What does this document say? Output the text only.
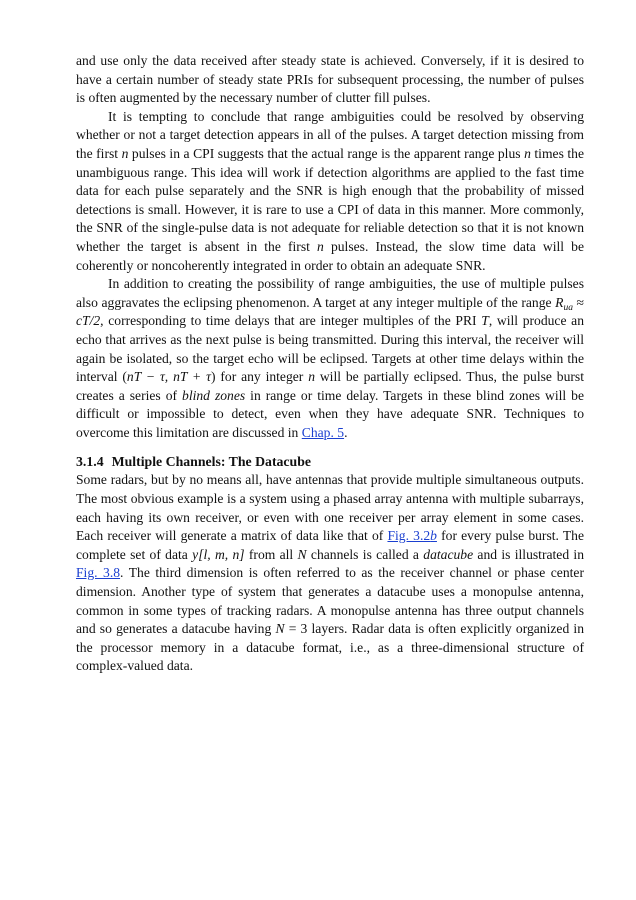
and use only the data received after steady state is achieved. Conversely, if it is desired to have a certain number of steady state PRIs for subsequent processing, the number of pulses is often augmented by the necessary number of clutter fill pulses.

It is tempting to conclude that range ambiguities could be resolved by observing whether or not a target detection appears in all of the pulses. A target detection missing from the first n pulses in a CPI suggests that the actual range is the apparent range plus n times the unambiguous range. This idea will work if detection algorithms are applied to the fast time data for each pulse separately and the SNR is high enough that the probability of missed detections is small. However, it is rare to use a CPI of data in this manner. More commonly, the SNR of the single-pulse data is not adequate for reliable detection so that it is not known whether the target is absent in the first n pulses. Instead, the slow time data will be coherently or noncoherently integrated in order to obtain an adequate SNR.

In addition to creating the possibility of range ambiguities, the use of multiple pulses also aggravates the eclipsing phenomenon. A target at any integer multiple of the range $R_{ua} \approx cT/2$, corresponding to time delays that are integer multiples of the PRI T, will produce an echo that arrives as the next pulse is being transmitted. During this interval, the receiver will again be isolated, so the target echo will be eclipsed. Targets at other time delays within the interval (nT − τ, nT + τ) for any integer n will be partially eclipsed. Thus, the pulse burst creates a series of blind zones in range or time delay. Targets in these blind zones will be difficult or impossible to detect, even when they have adequate SNR. Techniques to overcome this limitation are discussed in Chap. 5.

3.1.4 Multiple Channels: The Datacube

Some radars, but by no means all, have antennas that provide multiple simultaneous outputs. The most obvious example is a system using a phased array antenna with multiple subarrays, each having its own receiver, or even with one receiver per array element in some cases. Each receiver will generate a matrix of data like that of Fig. 3.2b for every pulse burst. The complete set of data y[l, m, n] from all N channels is called a datacube and is illustrated in Fig. 3.8. The third dimension is often referred to as the receiver channel or phase center dimension. Another type of system that generates a datacube uses a monopulse antenna, common in some types of tracking radars. A monopulse antenna has three output channels and so generates a datacube having N = 3 layers. Radar data is often explicitly organized in the processor memory in a datacube format, i.e., as a three-dimensional structure of complex-valued data.
